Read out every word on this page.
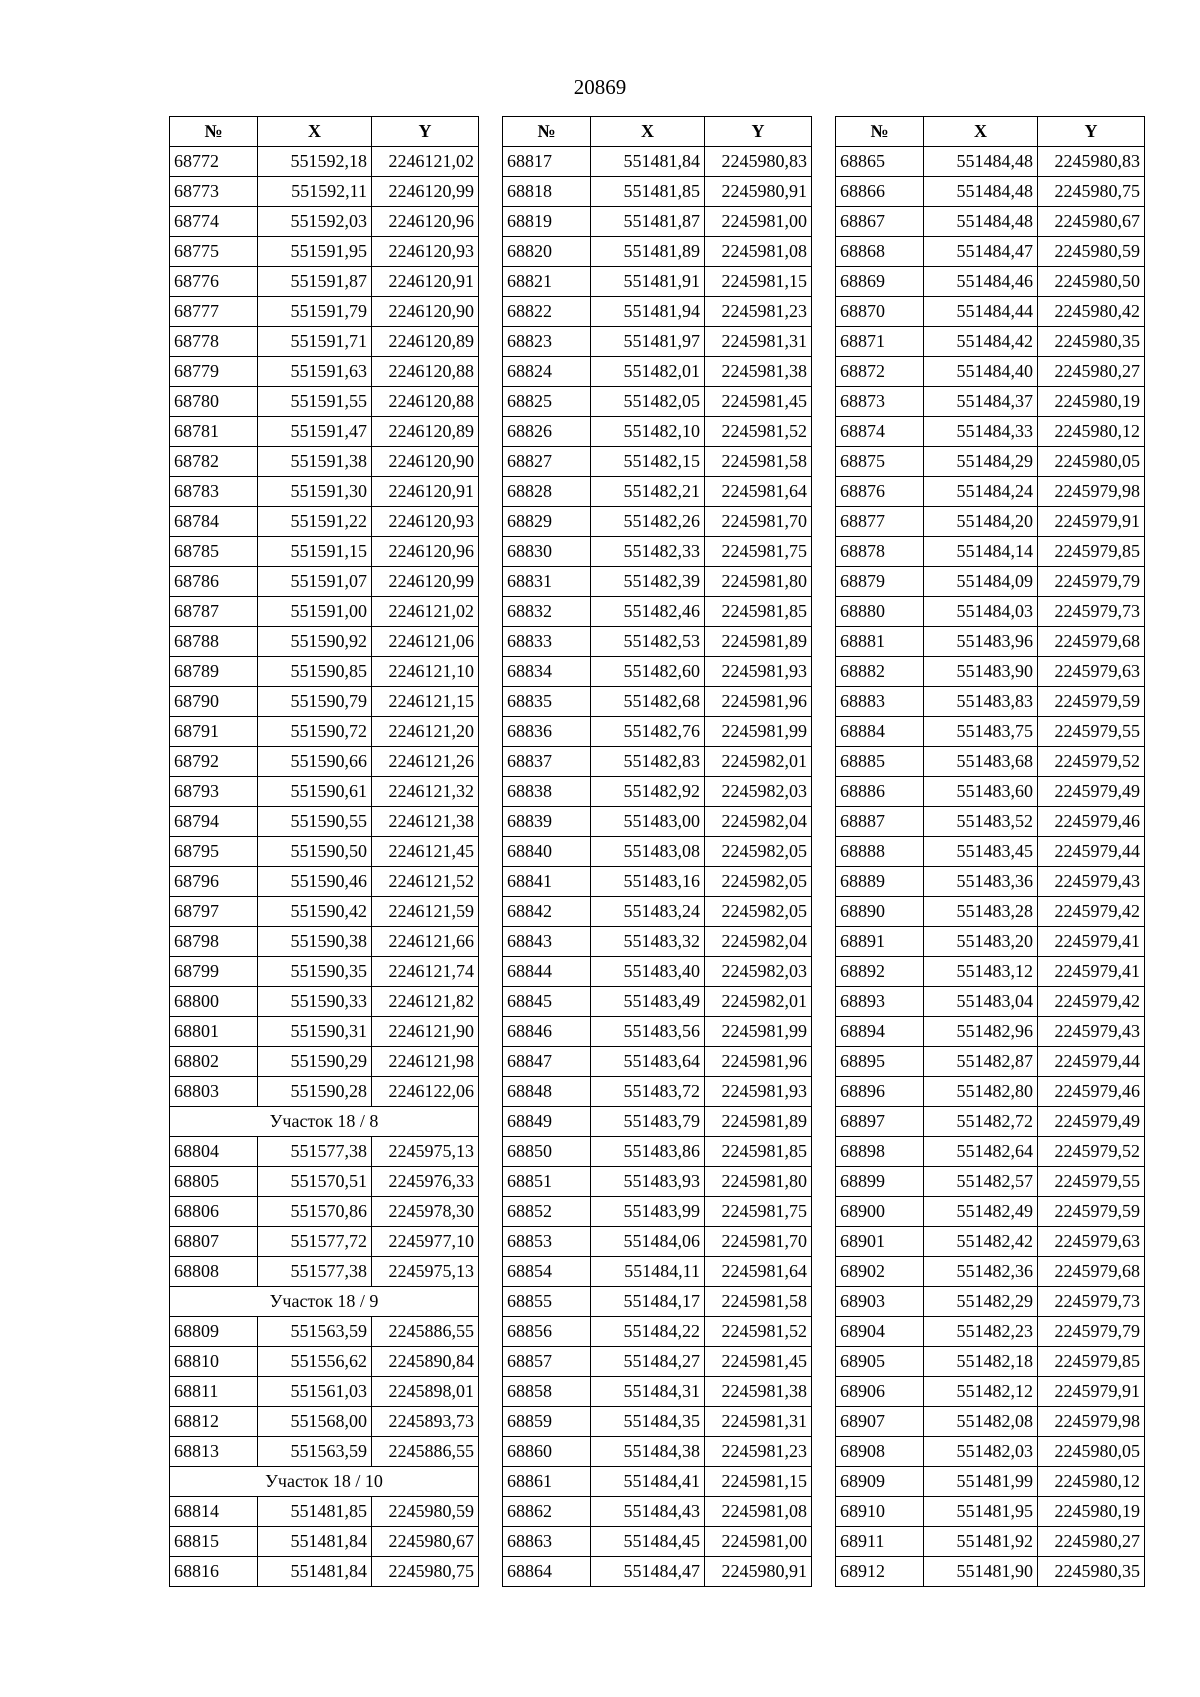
20869
№	X	Y
68772	551592,18	2246121,02
68773	551592,11	2246120,99
68774	551592,03	2246120,96
68775	551591,95	2246120,93
68776	551591,87	2246120,91
68777	551591,79	2246120,90
68778	551591,71	2246120,89
68779	551591,63	2246120,88
68780	551591,55	2246120,88
68781	551591,47	2246120,89
68782	551591,38	2246120,90
68783	551591,30	2246120,91
68784	551591,22	2246120,93
68785	551591,15	2246120,96
68786	551591,07	2246120,99
68787	551591,00	2246121,02
68788	551590,92	2246121,06
68789	551590,85	2246121,10
68790	551590,79	2246121,15
68791	551590,72	2246121,20
68792	551590,66	2246121,26
68793	551590,61	2246121,32
68794	551590,55	2246121,38
68795	551590,50	2246121,45
68796	551590,46	2246121,52
68797	551590,42	2246121,59
68798	551590,38	2246121,66
68799	551590,35	2246121,74
68800	551590,33	2246121,82
68801	551590,31	2246121,90
68802	551590,29	2246121,98
68803	551590,28	2246122,06
Участок 18 / 8		
68804	551577,38	2245975,13
68805	551570,51	2245976,33
68806	551570,86	2245978,30
68807	551577,72	2245977,10
68808	551577,38	2245975,13
Участок 18 / 9		
68809	551563,59	2245886,55
68810	551556,62	2245890,84
68811	551561,03	2245898,01
68812	551568,00	2245893,73
68813	551563,59	2245886,55
Участок 18 / 10		
68814	551481,85	2245980,59
68815	551481,84	2245980,67
68816	551481,84	2245980,75
№	X	Y
68817	551481,84	2245980,83
68818	551481,85	2245980,91
68819	551481,87	2245981,00
68820	551481,89	2245981,08
68821	551481,91	2245981,15
68822	551481,94	2245981,23
68823	551481,97	2245981,31
68824	551482,01	2245981,38
68825	551482,05	2245981,45
68826	551482,10	2245981,52
68827	551482,15	2245981,58
68828	551482,21	2245981,64
68829	551482,26	2245981,70
68830	551482,33	2245981,75
68831	551482,39	2245981,80
68832	551482,46	2245981,85
68833	551482,53	2245981,89
68834	551482,60	2245981,93
68835	551482,68	2245981,96
68836	551482,76	2245981,99
68837	551482,83	2245982,01
68838	551482,92	2245982,03
68839	551483,00	2245982,04
68840	551483,08	2245982,05
68841	551483,16	2245982,05
68842	551483,24	2245982,05
68843	551483,32	2245982,04
68844	551483,40	2245982,03
68845	551483,49	2245982,01
68846	551483,56	2245981,99
68847	551483,64	2245981,96
68848	551483,72	2245981,93
68849	551483,79	2245981,89
68850	551483,86	2245981,85
68851	551483,93	2245981,80
68852	551483,99	2245981,75
68853	551484,06	2245981,70
68854	551484,11	2245981,64
68855	551484,17	2245981,58
68856	551484,22	2245981,52
68857	551484,27	2245981,45
68858	551484,31	2245981,38
68859	551484,35	2245981,31
68860	551484,38	2245981,23
68861	551484,41	2245981,15
68862	551484,43	2245981,08
68863	551484,45	2245981,00
68864	551484,47	2245980,91
№	X	Y
68865	551484,48	2245980,83
68866	551484,48	2245980,75
68867	551484,48	2245980,67
68868	551484,47	2245980,59
68869	551484,46	2245980,50
68870	551484,44	2245980,42
68871	551484,42	2245980,35
68872	551484,40	2245980,27
68873	551484,37	2245980,19
68874	551484,33	2245980,12
68875	551484,29	2245980,05
68876	551484,24	2245979,98
68877	551484,20	2245979,91
68878	551484,14	2245979,85
68879	551484,09	2245979,79
68880	551484,03	2245979,73
68881	551483,96	2245979,68
68882	551483,90	2245979,63
68883	551483,83	2245979,59
68884	551483,75	2245979,55
68885	551483,68	2245979,52
68886	551483,60	2245979,49
68887	551483,52	2245979,46
68888	551483,45	2245979,44
68889	551483,36	2245979,43
68890	551483,28	2245979,42
68891	551483,20	2245979,41
68892	551483,12	2245979,41
68893	551483,04	2245979,42
68894	551482,96	2245979,43
68895	551482,87	2245979,44
68896	551482,80	2245979,46
68897	551482,72	2245979,49
68898	551482,64	2245979,52
68899	551482,57	2245979,55
68900	551482,49	2245979,59
68901	551482,42	2245979,63
68902	551482,36	2245979,68
68903	551482,29	2245979,73
68904	551482,23	2245979,79
68905	551482,18	2245979,85
68906	551482,12	2245979,91
68907	551482,08	2245979,98
68908	551482,03	2245980,05
68909	551481,99	2245980,12
68910	551481,95	2245980,19
68911	551481,92	2245980,27
68912	551481,90	2245980,35
